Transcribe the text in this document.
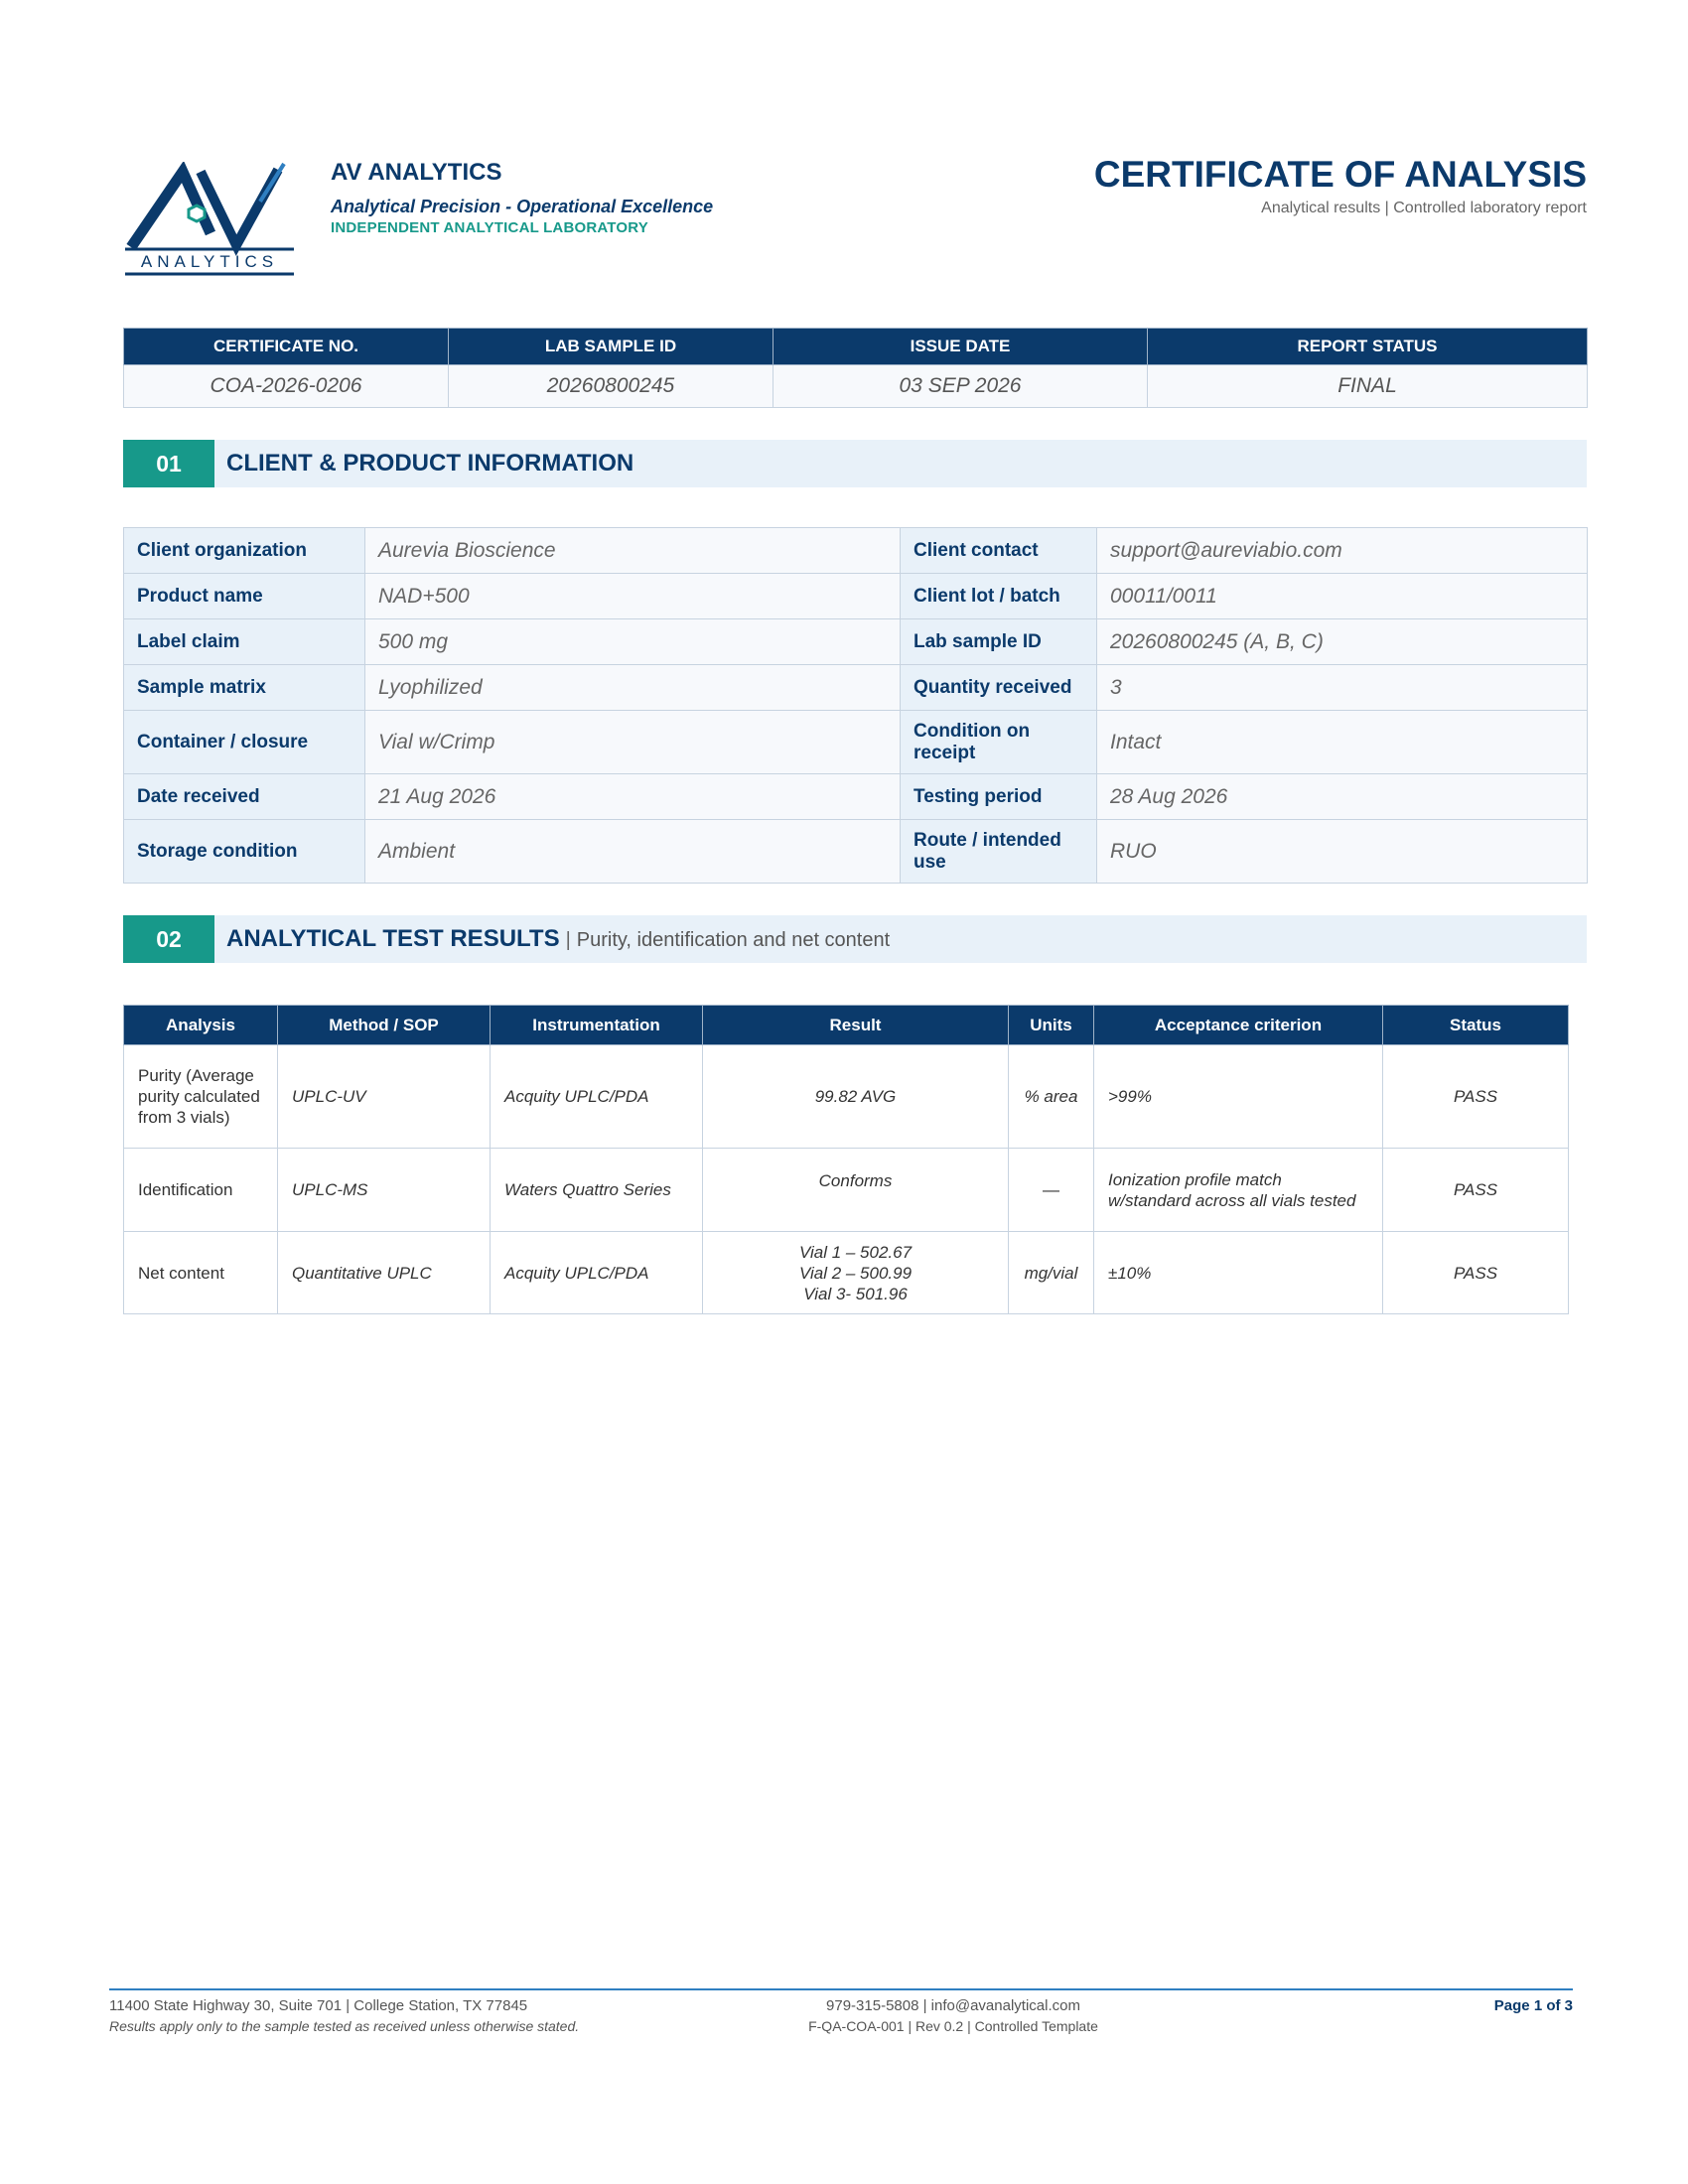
ANALYTICS
AV ANALYTICS
Analytical Precision - Operational Excellence
INDEPENDENT ANALYTICAL LABORATORY
CERTIFICATE OF ANALYSIS
Analytical results | Controlled laboratory report
CERTIFICATE NO.	LAB SAMPLE ID	ISSUE DATE	REPORT STATUS
COA-2026-0206	20260800245	03 SEP 2026	FINAL
01	CLIENT & PRODUCT INFORMATION
Client organization	Aurevia Bioscience	Client contact	support@aureviabio.com
Product name	NAD+500	Client lot / batch	00011/0011
Label claim	500 mg	Lab sample ID	20260800245 (A, B, C)
Sample matrix	Lyophilized	Quantity received	3
Container / closure	Vial w/Crimp	Condition on receipt	Intact
Date received	21 Aug 2026	Testing period	28 Aug 2026
Storage condition	Ambient	Route / intended use	RUO
02	ANALYTICAL TEST RESULTS | Purity, identification and net content
Analysis	Method / SOP	Instrumentation	Result	Units	Acceptance criterion	Status
Purity (Average purity calculated from 3 vials)	UPLC-UV	Acquity UPLC/PDA	99.82 AVG	% area	>99%	PASS
Identification	UPLC-MS	Waters Quattro Series	Conforms	—	Ionization profile match w/standard across all vials tested	PASS
Net content	Quantitative UPLC	Acquity UPLC/PDA	Vial 1 – 502.67
Vial 2 – 500.99
Vial 3- 501.96	mg/vial	±10%	PASS
11400 State Highway 30, Suite 701 | College Station, TX 77845
Results apply only to the sample tested as received unless otherwise stated.
979-315-5808 | info@avanalytical.com
F-QA-COA-001 | Rev 0.2 | Controlled Template
Page 1 of 3
